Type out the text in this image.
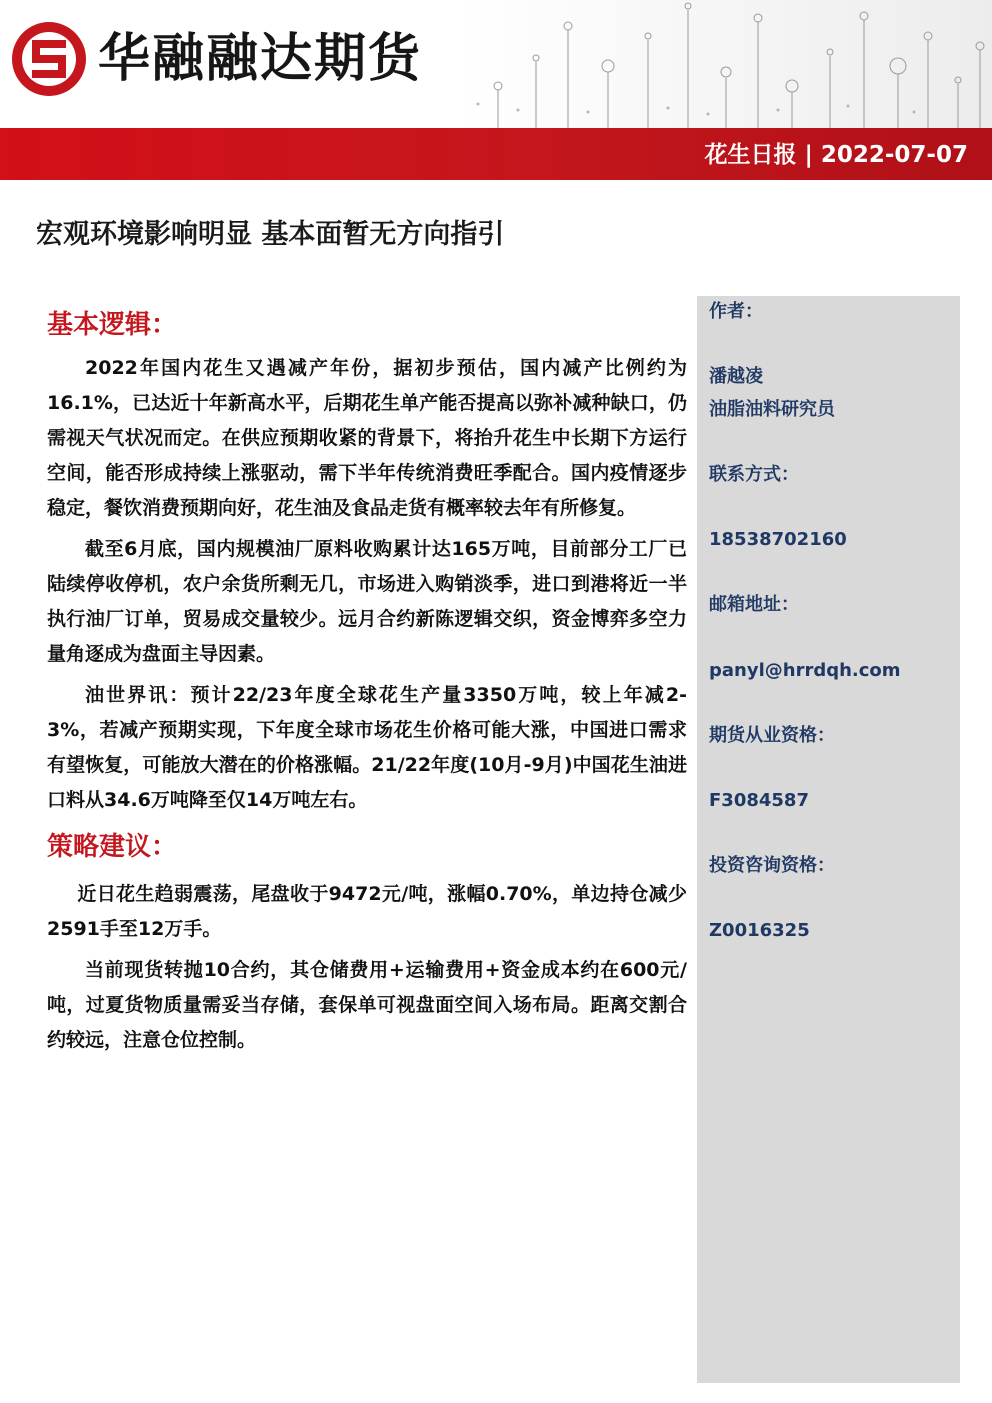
华融融达期货
花生日报 | 2022-07-07
宏观环境影响明显 基本面暂无方向指引
基本逻辑：

2022年国内花生又遇减产年份，据初步预估，国内减产比例约为16.1%，已达近十年新高水平，后期花生单产能否提高以弥补减种缺口，仍需视天气状况而定。在供应预期收紧的背景下，将抬升花生中长期下方运行空间，能否形成持续上涨驱动，需下半年传统消费旺季配合。国内疫情逐步稳定，餐饮消费预期向好，花生油及食品走货有概率较去年有所修复。

截至6月底，国内规模油厂原料收购累计达165万吨，目前部分工厂已陆续停收停机，农户余货所剩无几，市场进入购销淡季，进口到港将近一半执行油厂订单，贸易成交量较少。远月合约新陈逻辑交织，资金博弈多空力量角逐成为盘面主导因素。

油世界讯：预计22/23年度全球花生产量3350万吨，较上年减2-3%，若减产预期实现，下年度全球市场花生价格可能大涨，中国进口需求有望恢复，可能放大潜在的价格涨幅。21/22年度(10月-9月)中国花生油进口料从34.6万吨降至仅14万吨左右。

策略建议：

近日花生趋弱震荡，尾盘收于9472元/吨，涨幅0.70%，单边持仓减少2591手至12万手。

当前现货转抛10合约，其仓储费用+运输费用+资金成本约在600元/吨，过夏货物质量需妥当存储，套保单可视盘面空间入场布局。距离交割合约较远，注意仓位控制。

作者：
潘越凌
油脂油料研究员
联系方式：
18538702160
邮箱地址：
panyl@hrrdqh.com
期货从业资格：
F3084587
投资咨询资格：
Z0016325
